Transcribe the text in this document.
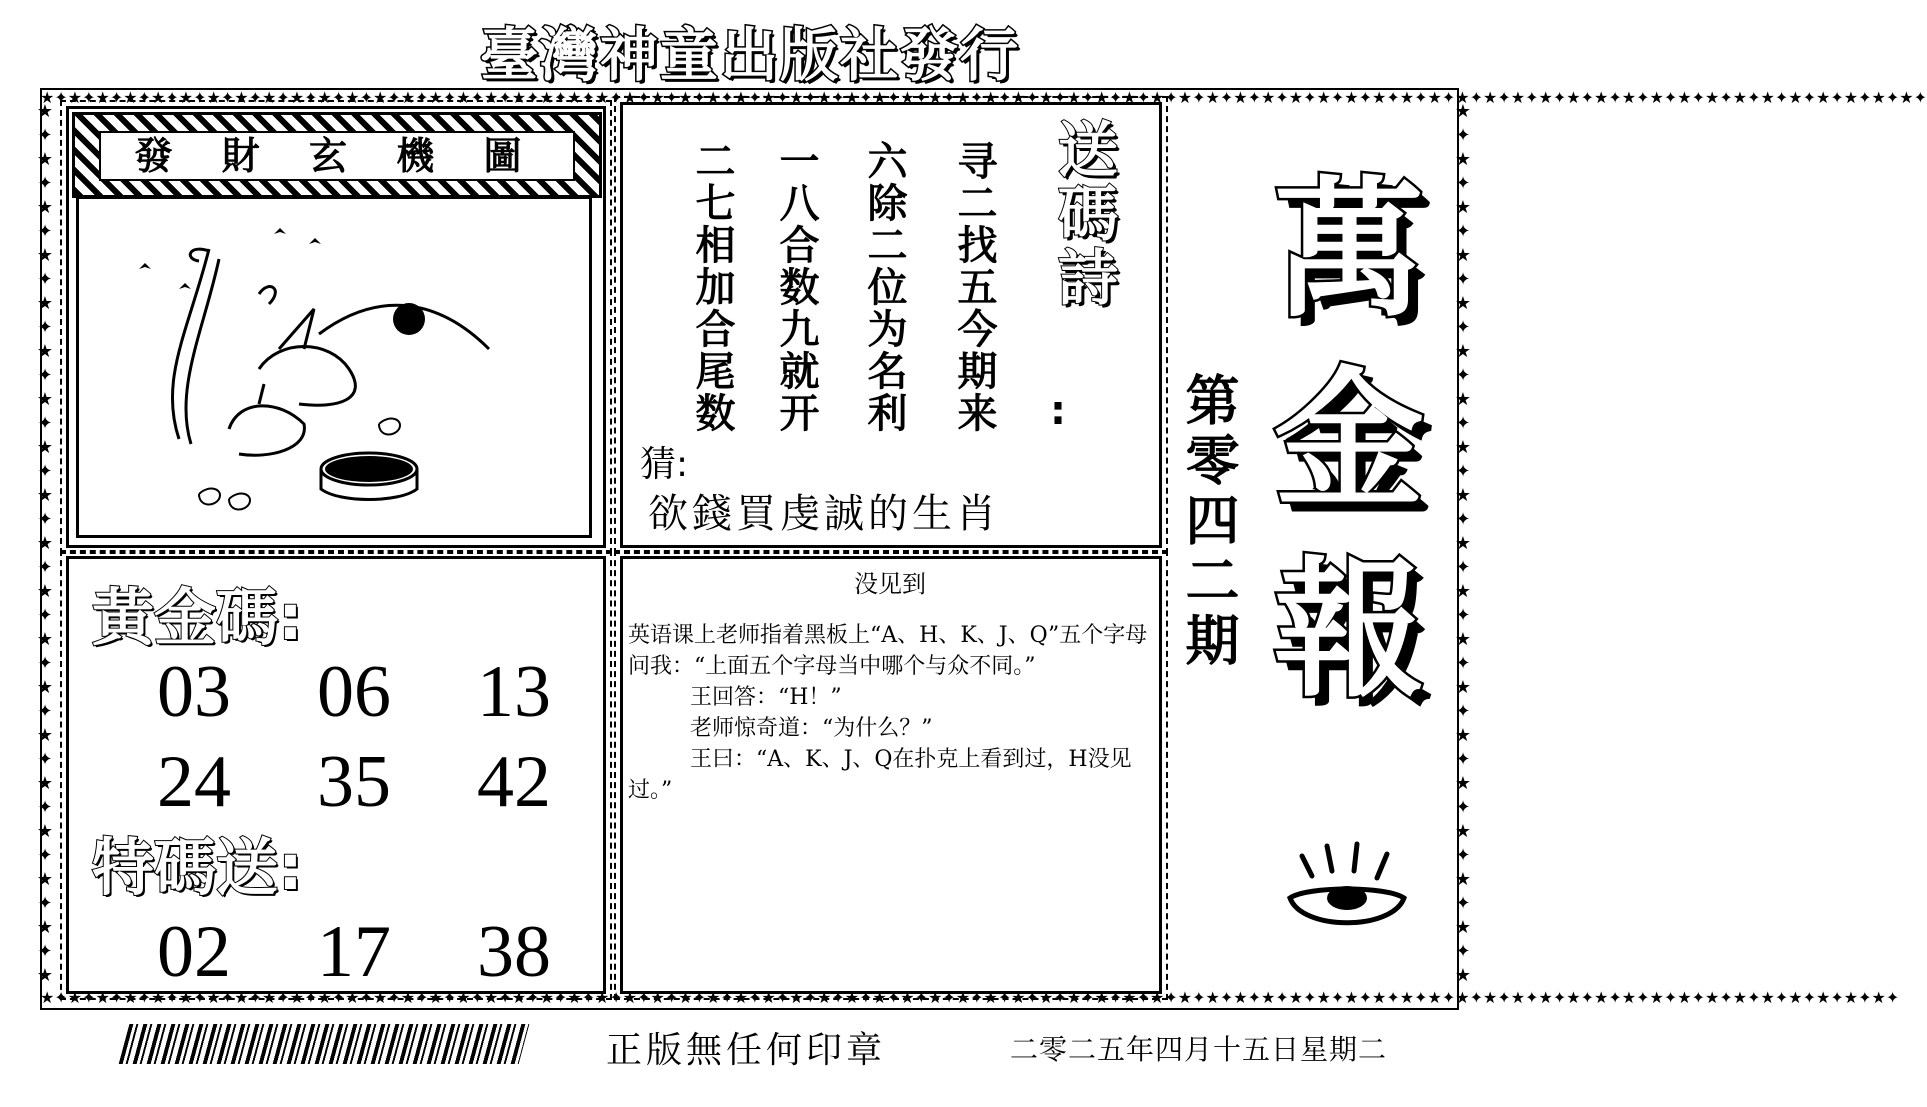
臺灣神童出版社發行
★✦★✦★✦★✦★✦★✦★✦★✦★✦★✦★✦★✦★✦★✦★✦★✦★✦★✦★✦★✦★✦★✦★✦★✦★✦★✦★✦★✦★✦★✦★✦★✦★✦★✦★✦★✦★✦★✦★✦★✦★✦★✦★✦★✦★✦★✦★✦★✦★✦★✦★✦★✦★✦★✦★✦★✦★✦★✦★✦★✦★✦★✦★✦★✦★✦★✦★✦★✦
★✦★✦★✦★✦★✦★✦★✦★✦★✦★✦★✦★✦★✦★✦★✦★✦★✦★✦★✦★✦★✦★✦★✦★✦★✦★✦★✦★✦★✦★✦★✦★✦★✦★✦★✦★✦★✦★✦★✦★✦★✦★✦★✦★✦★✦★✦★✦★✦★✦★✦★✦★✦★✦★✦★✦★✦★✦★✦★✦★✦★✦★✦★✦★✦★✦★✦★✦
★
✦
★
✦
★
✦
★
✦
★
✦
★
✦
★
✦
★
✦
★
✦
★
✦
★
✦
★
✦
★
✦
★
✦
★
✦
★
✦
★
✦
★
✦
★
★
✦
★
✦
★
✦
★
✦
★
✦
★
✦
★
✦
★
✦
★
✦
★
✦
★
✦
★
✦
★
✦
★
✦
★
✦
★
✦
★
✦
★
✦
★
發 財 玄 機 圖	送碼詩
:
寻二找五今期来
六除二位为名利
一八合数九就开
二七相加合尾数
猜:
欲錢買虔誠的生肖
黃金碼:
03	06	13
24	35	42
特碼送:
02	17	38
没见到
英语课上老师指着黑板上“A、H、K、J、Q”五个字母问我：“上面五个字母当中哪个与众不同。”
王回答：“H！”
老师惊奇道：“为什么？”
王曰：“A、K、J、Q在扑克上看到过，H没见过。”
第零四二期 萬金報
正版無任何印章	二零二五年四月十五日星期二
